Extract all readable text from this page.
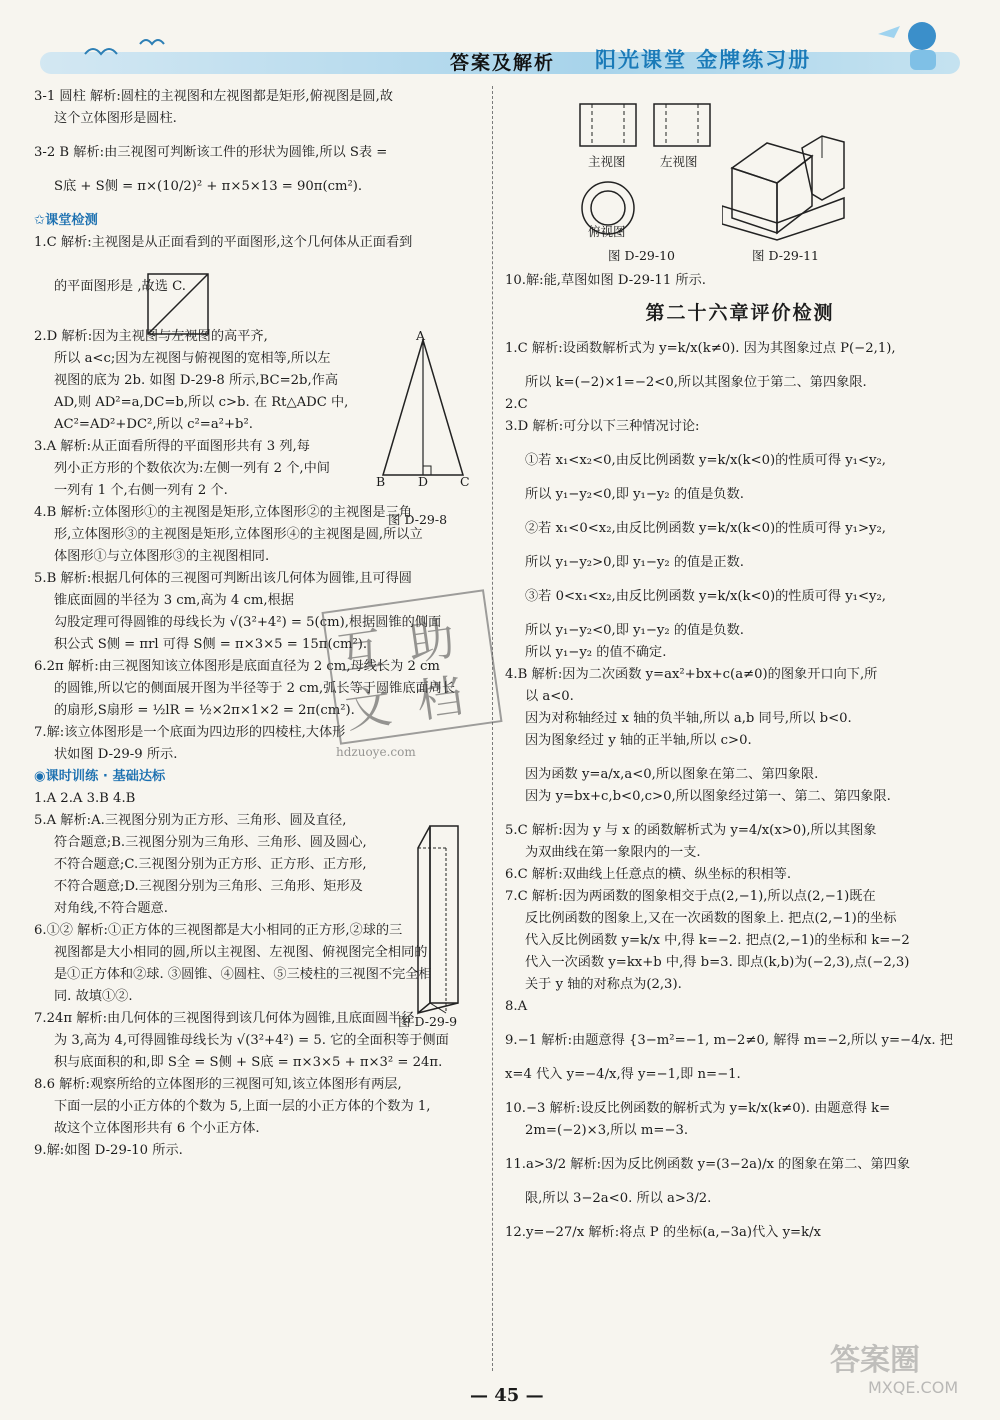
答案及解析 阳光课堂 金牌练习册
3-1 圆柱 解析:圆柱的主视图和左视图都是矩形,俯视图是圆,故
这个立体图形是圆柱.
3-2 B 解析:由三视图可判断该工件的形状为圆锥,所以 S表 =
S底 + S侧 = π×(10/2)² + π×5×13 = 90π(cm²).
✩课堂检测
1.C 解析:主视图是从正面看到的平面图形,这个几何体从正面看到
的平面图形是 ,故选 C.
2.D 解析:因为主视图与左视图的高平齐,
所以 a<c;因为左视图与俯视图的宽相等,所以左
视图的底为 2b. 如图 D-29-8 所示,BC=2b,作高
AD,则 AD²=a,DC=b,所以 c>b. 在 Rt△ADC 中,
AC²=AD²+DC²,所以 c²=a²+b².
3.A 解析:从正面看所得的平面图形共有 3 列,每
列小正方形的个数依次为:左侧一列有 2 个,中间
一列有 1 个,右侧一列有 2 个.
4.B 解析:立体图形①的主视图是矩形,立体图形②的主视图是三角
形,立体图形③的主视图是矩形,立体图形④的主视图是圆,所以立
体图形①与立体图形③的主视图相同.
5.B 解析:根据几何体的三视图可判断出该几何体为圆锥,且可得圆
锥底面圆的半径为 3 cm,高为 4 cm,根据
勾股定理可得圆锥的母线长为 √(3²+4²) = 5(cm),根据圆锥的侧面
积公式 S侧 = πrl 可得 S侧 = π×3×5 = 15π(cm²).
6.2π 解析:由三视图知该立体图形是底面直径为 2 cm,母线长为 2 cm
的圆锥,所以它的侧面展开图为半径等于 2 cm,弧长等于圆锥底面周长
的扇形,S扇形 = ½lR = ½×2π×1×2 = 2π(cm²).
7.解:该立体图形是一个底面为四边形的四棱柱,大体形
状如图 D-29-9 所示.
◉课时训练 · 基础达标
1.A 2.A 3.B 4.B
5.A 解析:A.三视图分别为正方形、三角形、圆及直径,
符合题意;B.三视图分别为三角形、三角形、圆及圆心,
不符合题意;C.三视图分别为正方形、正方形、正方形,
不符合题意;D.三视图分别为三角形、三角形、矩形及
对角线,不符合题意.
6.①② 解析:①正方体的三视图都是大小相同的正方形,②球的三
视图都是大小相同的圆,所以主视图、左视图、俯视图完全相同的
是①正方体和②球. ③圆锥、④圆柱、⑤三棱柱的三视图不完全相
同. 故填①②.
7.24π 解析:由几何体的三视图得到该几何体为圆锥,且底面圆半径
为 3,高为 4,可得圆锥母线长为 √(3²+4²) = 5. 它的全面积等于侧面
积与底面积的和,即 S全 = S侧 + S底 = π×3×5 + π×3² = 24π.
8.6 解析:观察所给的立体图形的三视图可知,该立体图形有两层,
下面一层的小正方体的个数为 5,上面一层的小正方体的个数为 1,
故这个立体图形共有 6 个小正方体.
9.解:如图 D-29-10 所示.
A
B	D	C
图 D-29-8
图 D-29-9
互 助
文 档
hdzuoye.com
主视图	左视图
俯视图
图 D-29-10	图 D-29-11
10.解:能,草图如图 D-29-11 所示.
第二十六章评价检测
1.C 解析:设函数解析式为 y=k/x(k≠0). 因为其图象过点 P(−2,1),
所以 k=(−2)×1=−2<0,所以其图象位于第二、第四象限.
2.C
3.D 解析:可分以下三种情况讨论:
①若 x₁<x₂<0,由反比例函数 y=k/x(k<0)的性质可得 y₁<y₂,
所以 y₁−y₂<0,即 y₁−y₂ 的值是负数.
②若 x₁<0<x₂,由反比例函数 y=k/x(k<0)的性质可得 y₁>y₂,
所以 y₁−y₂>0,即 y₁−y₂ 的值是正数.
③若 0<x₁<x₂,由反比例函数 y=k/x(k<0)的性质可得 y₁<y₂,
所以 y₁−y₂<0,即 y₁−y₂ 的值是负数.
所以 y₁−y₂ 的值不确定.
4.B 解析:因为二次函数 y=ax²+bx+c(a≠0)的图象开口向下,所
以 a<0.
因为对称轴经过 x 轴的负半轴,所以 a,b 同号,所以 b<0.
因为图象经过 y 轴的正半轴,所以 c>0.
因为函数 y=a/x,a<0,所以图象在第二、第四象限.
因为 y=bx+c,b<0,c>0,所以图象经过第一、第二、第四象限.
5.C 解析:因为 y 与 x 的函数解析式为 y=4/x(x>0),所以其图象
为双曲线在第一象限内的一支.
6.C 解析:双曲线上任意点的横、纵坐标的积相等.
7.C 解析:因为两函数的图象相交于点(2,−1),所以点(2,−1)既在
反比例函数的图象上,又在一次函数的图象上. 把点(2,−1)的坐标
代入反比例函数 y=k/x 中,得 k=−2. 把点(2,−1)的坐标和 k=−2
代入一次函数 y=kx+b 中,得 b=3. 即点(k,b)为(−2,3),点(−2,3)
关于 y 轴的对称点为(2,3).
8.A
9.−1 解析:由题意得 {3−m²=−1, m−2≠0, 解得 m=−2,所以 y=−4/x. 把
x=4 代入 y=−4/x,得 y=−1,即 n=−1.
10.−3 解析:设反比例函数的解析式为 y=k/x(k≠0). 由题意得 k=
2m=(−2)×3,所以 m=−3.
11.a>3/2 解析:因为反比例函数 y=(3−2a)/x 的图象在第二、第四象
限,所以 3−2a<0. 所以 a>3/2.
12.y=−27/x 解析:将点 P 的坐标(a,−3a)代入 y=k/x
— 45 —
答案圈
MXQE.COM
